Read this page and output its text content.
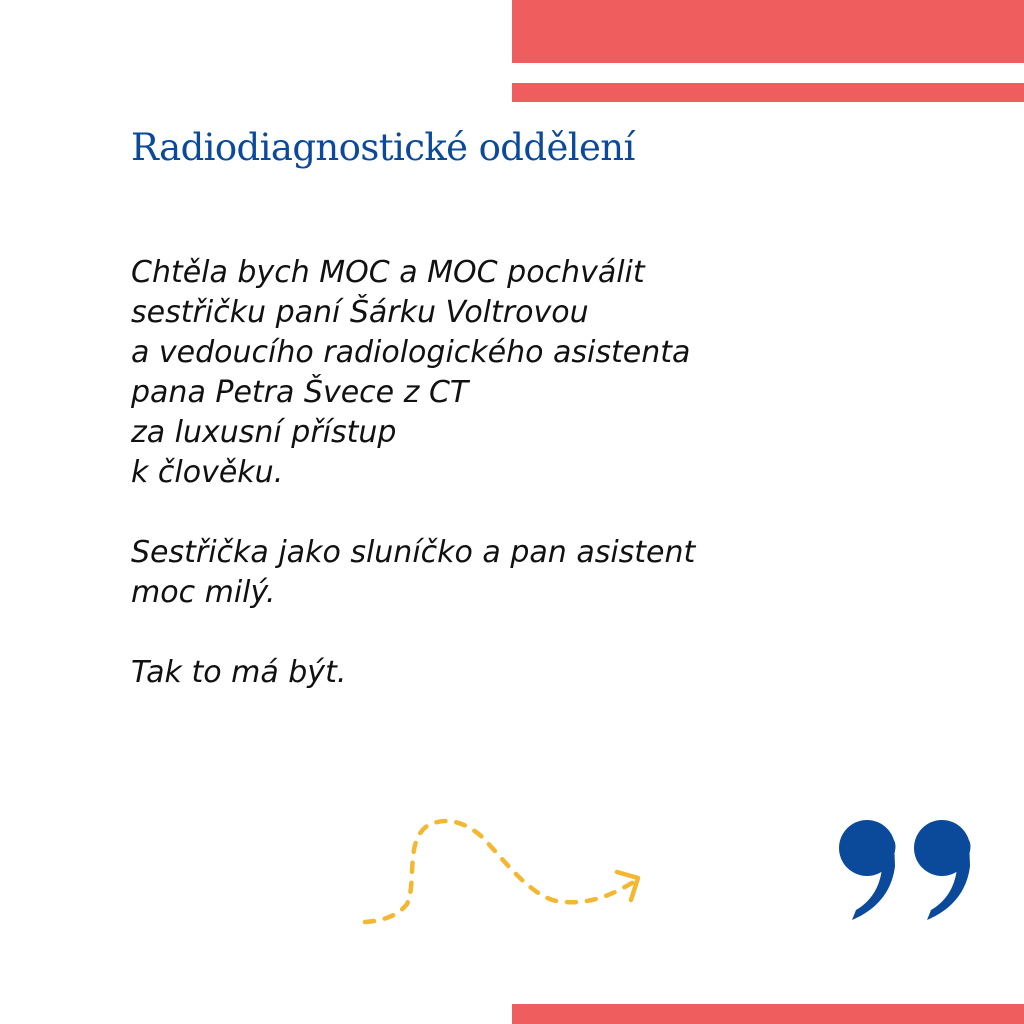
Radiodiagnostické oddělení

Chtěla bych MOC a MOC pochválit
sestřičku paní Šárku Voltrovou
a vedoucího radiologického asistenta
pana Petra Švece z CT
za luxusní přístup
k člověku.

Sestřička jako sluníčko a pan asistent
moc milý.

Tak to má být.
